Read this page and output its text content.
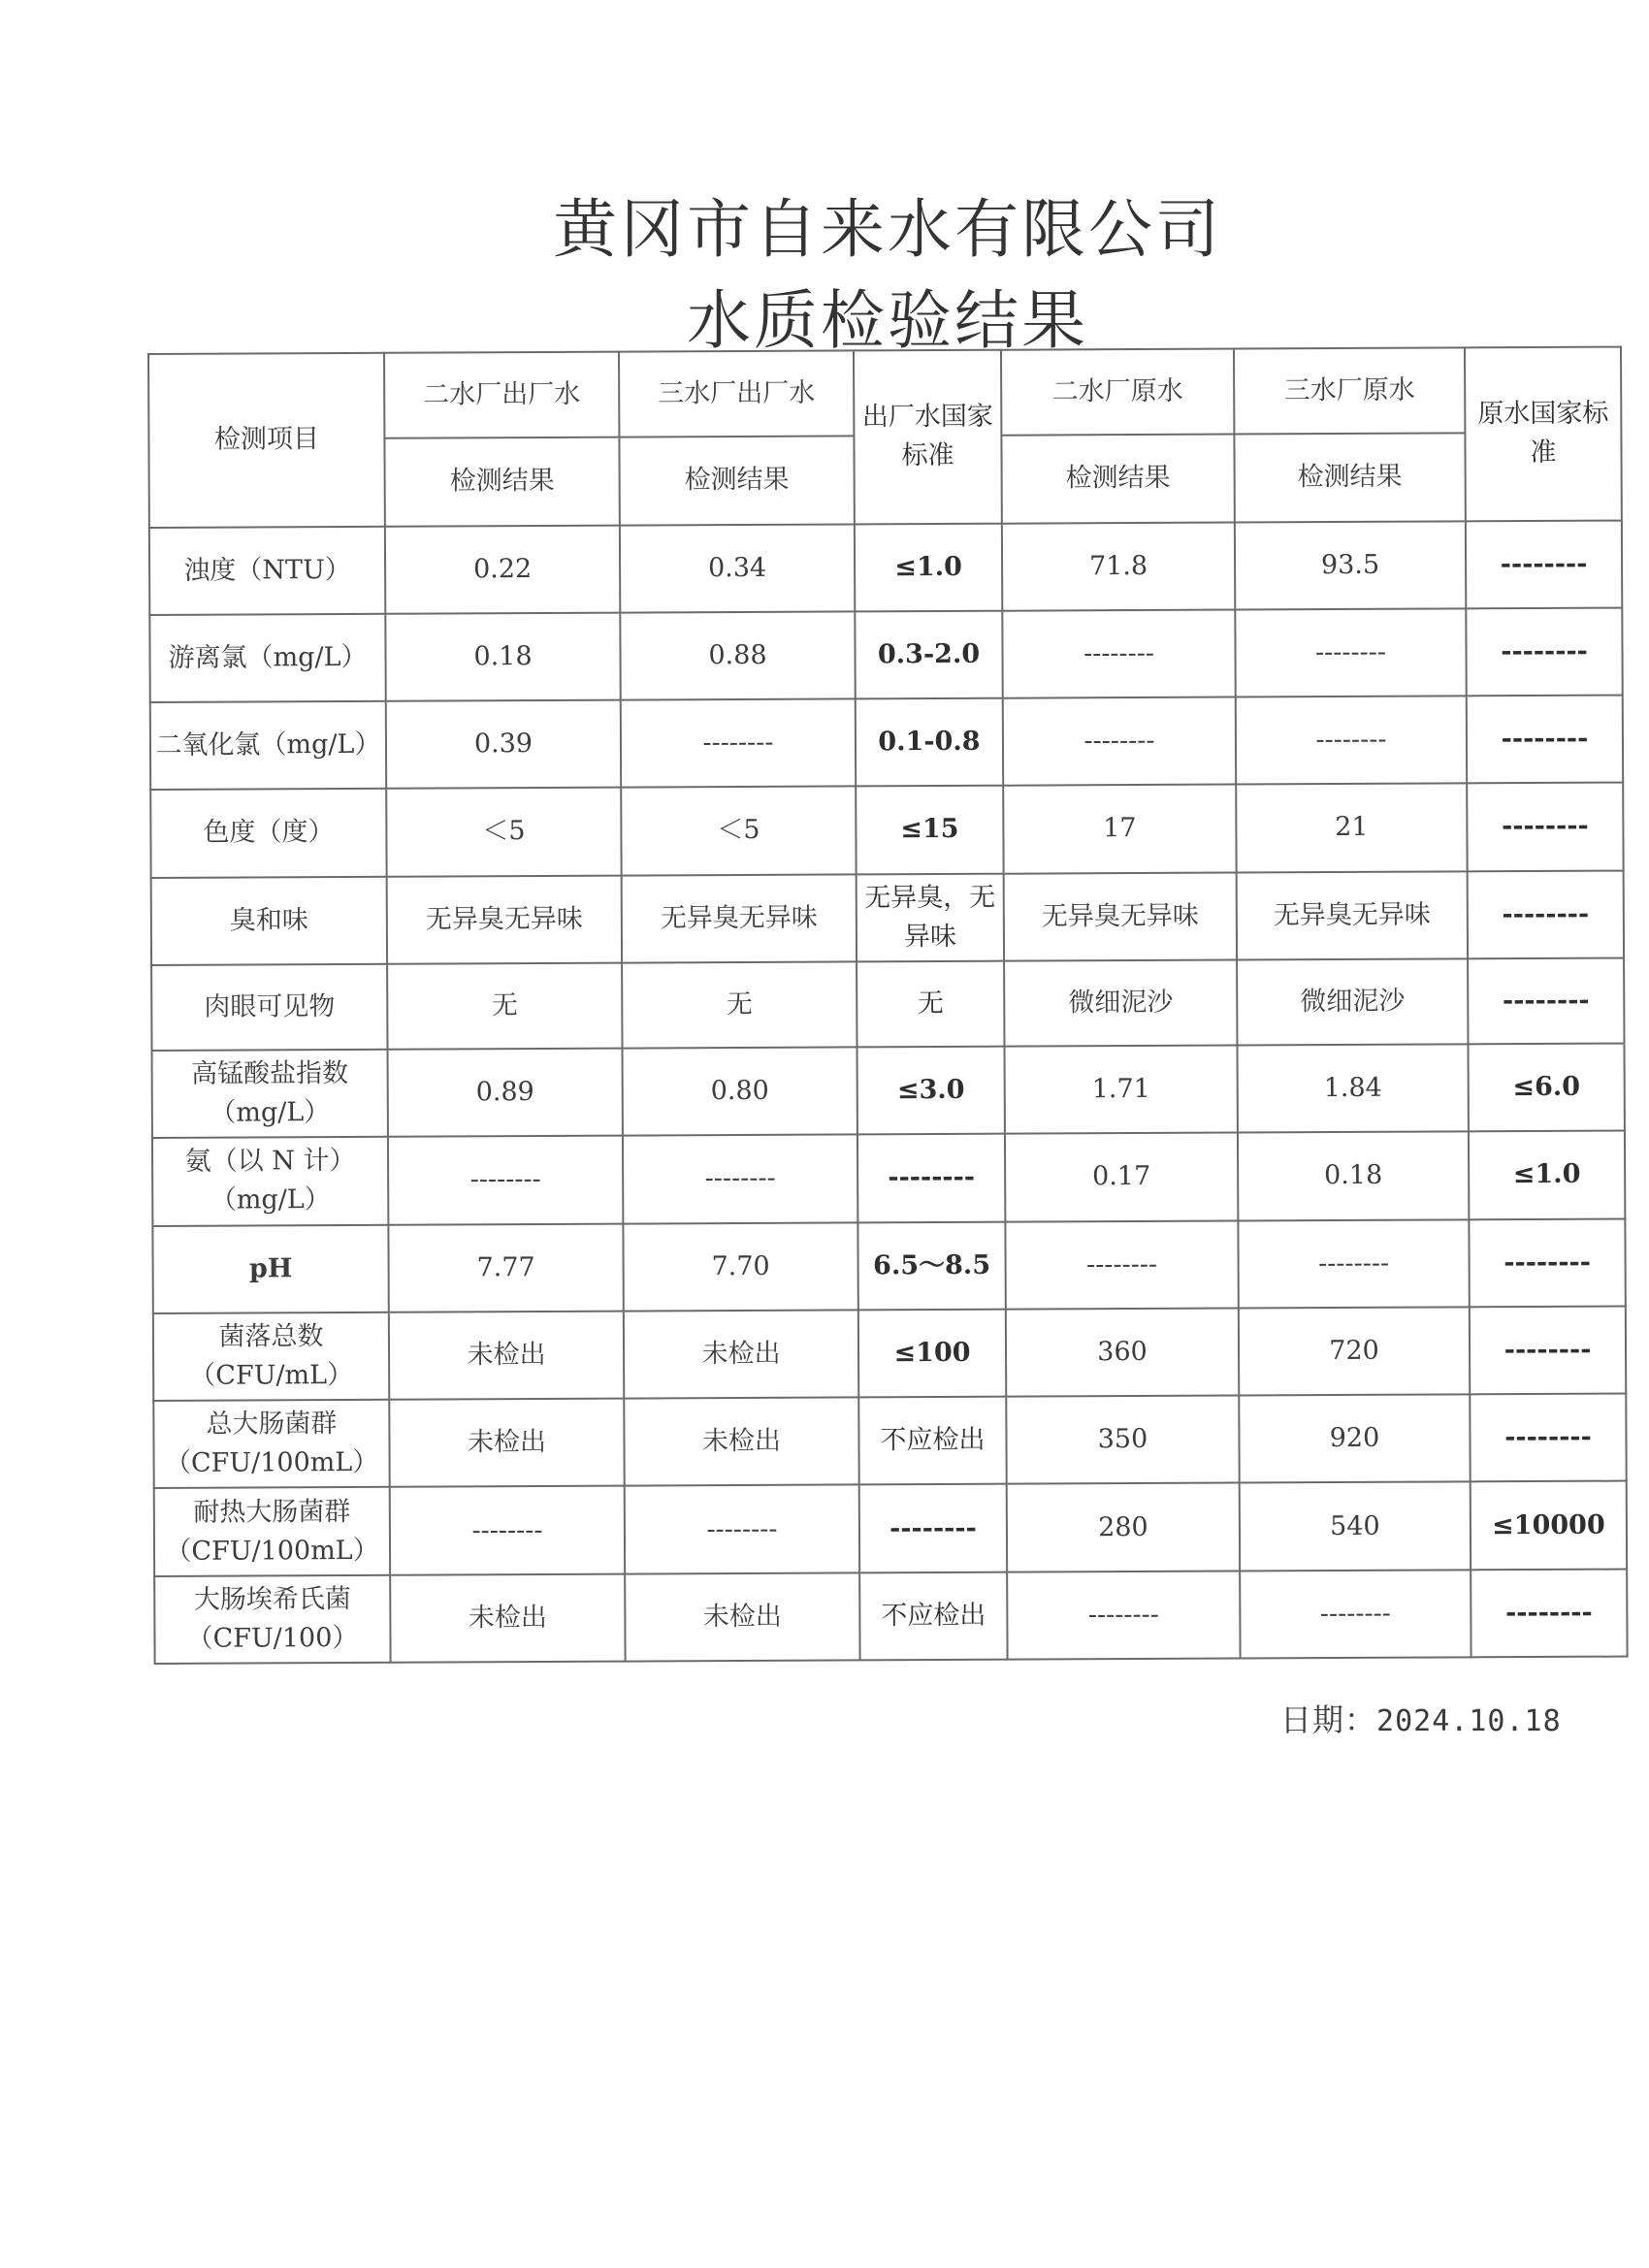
黄冈市自来水有限公司
水质检验结果
检测项目	二水厂出厂水	三水厂出厂水	出厂水国家标准	二水厂原水	三水厂原水	原水国家标准
	检测结果	检测结果		检测结果	检测结果	
浊度（NTU）	0.22	0.34	≤1.0	71.8	93.5	--------
游离氯（mg/L）	0.18	0.88	0.3-2.0	--------	--------	--------
二氧化氯（mg/L）	0.39	--------	0.1-0.8	--------	--------	--------
色度（度）	＜5	＜5	≤15	17	21	--------
臭和味	无异臭无异味	无异臭无异味	无异臭，无异味	无异臭无异味	无异臭无异味	--------
肉眼可见物	无	无	无	微细泥沙	微细泥沙	--------
高锰酸盐指数（mg/L）	0.89	0.80	≤3.0	1.71	1.84	≤6.0
氨（以 N 计）（mg/L）	--------	--------	--------	0.17	0.18	≤1.0
pH	7.77	7.70	6.5～8.5	--------	--------	--------
菌落总数（CFU/mL）	未检出	未检出	≤100	360	720	--------
总大肠菌群（CFU/100mL）	未检出	未检出	不应检出	350	920	--------
耐热大肠菌群（CFU/100mL）	--------	--------	--------	280	540	≤10000
大肠埃希氏菌（CFU/100）	未检出	未检出	不应检出	--------	--------	--------
日期：2024.10.18
